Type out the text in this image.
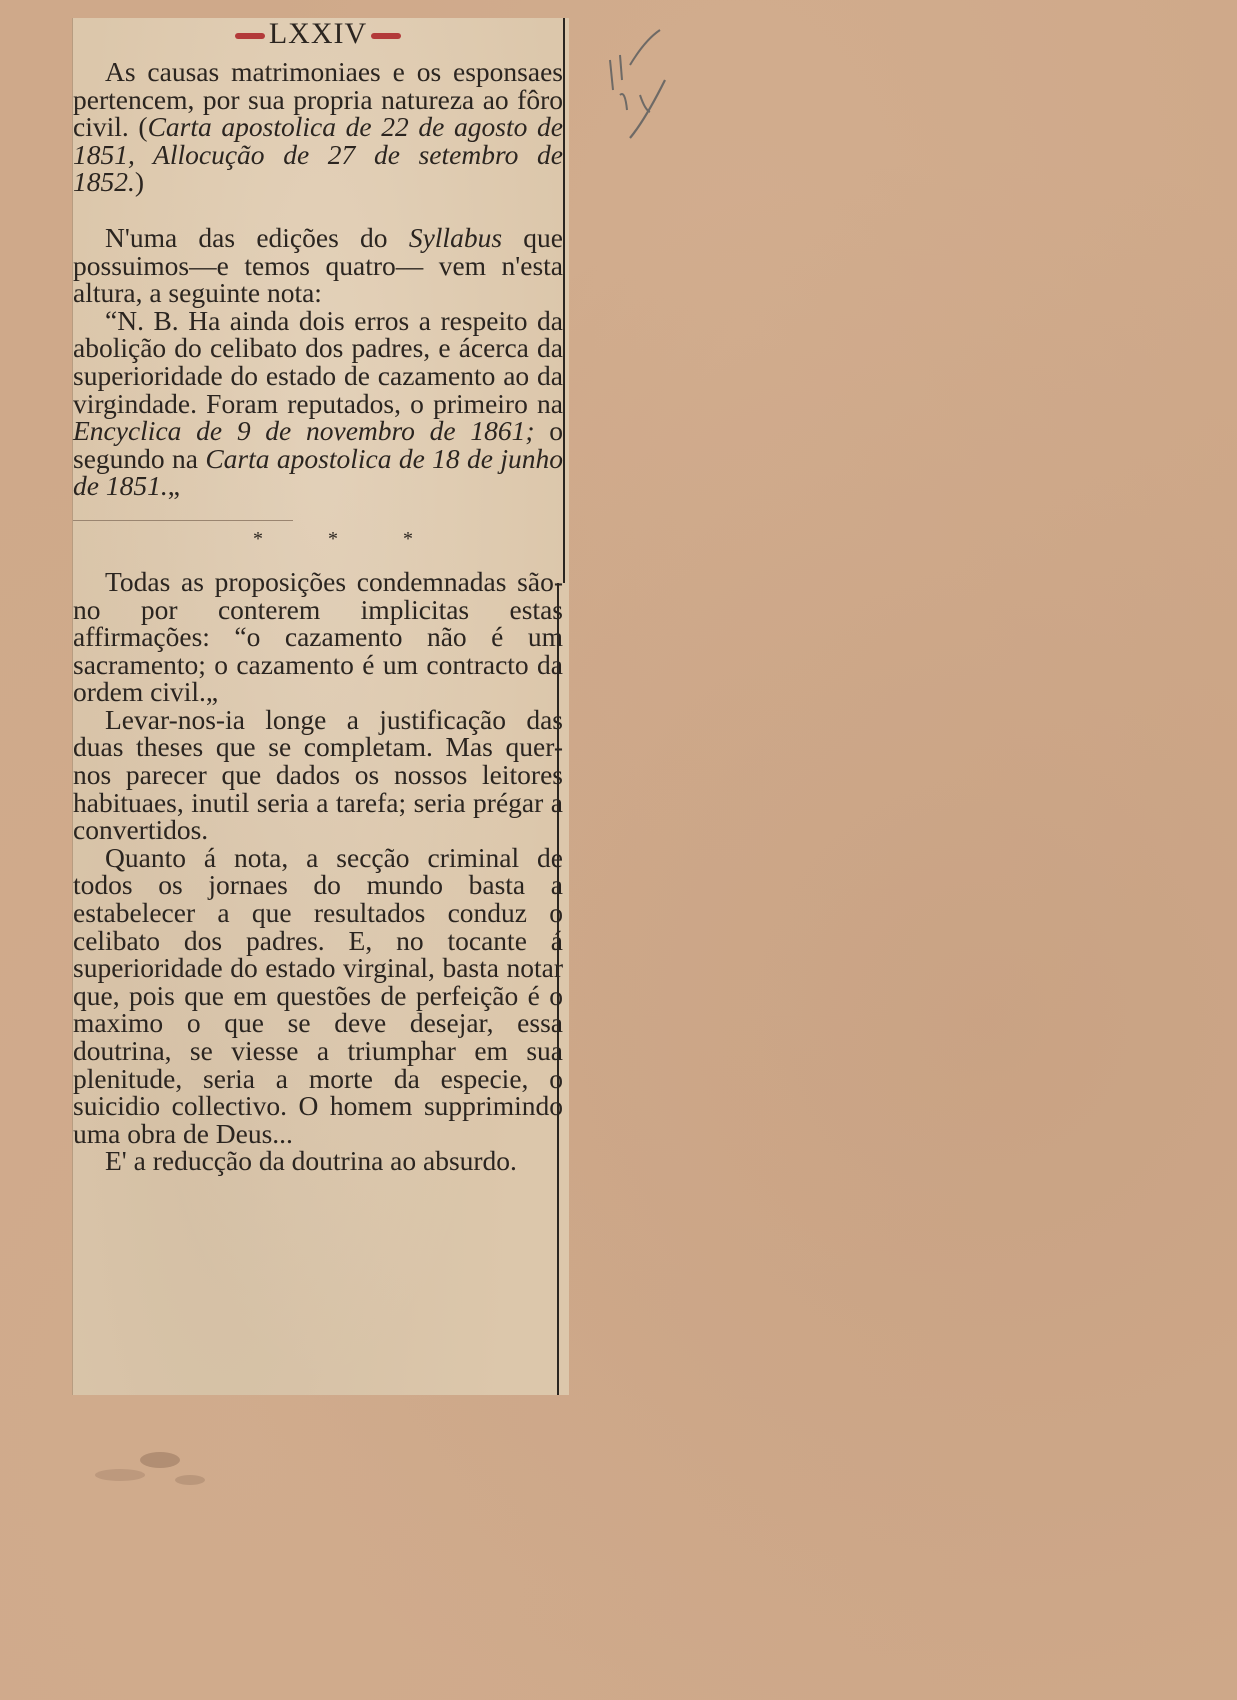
LXXIV

As causas matrimoniaes e os esponsaes pertencem, por sua propria natureza ao fôro civil. (Carta apostolica de 22 de agosto de 1851, Allocução de 27 de setembro de 1852.)

N'uma das edições do Syllabus que possuimos—e temos quatro— vem n'esta altura, a seguinte nota:

“N. B. Ha ainda dois erros a respeito da abolição do celibato dos padres, e ácerca da superioridade do estado de cazamento ao da virgindade. Foram reputados, o primeiro na Encyclica de 9 de novembro de 1861; o segundo na Carta apostolica de 18 de junho de 1851.„

* * *

Todas as proposições condemnadas são-no por conterem implicitas estas affirmações: “o cazamento não é um sacramento; o cazamento é um contracto da ordem civil.„

Levar-nos-ia longe a justificação das duas theses que se completam. Mas quer-nos parecer que dados os nossos leitores habituaes, inutil seria a tarefa; seria prégar a convertidos.

Quanto á nota, a secção criminal de todos os jornaes do mundo basta a estabelecer a que resultados conduz o celibato dos padres. E, no tocante á superioridade do estado virginal, basta notar que, pois que em questões de perfeição é o maximo o que se deve desejar, essa doutrina, se viesse a triumphar em sua plenitude, seria a morte da especie, o suicidio collectivo. O homem supprimindo uma obra de Deus...

E' a reducção da doutrina ao absurdo.
